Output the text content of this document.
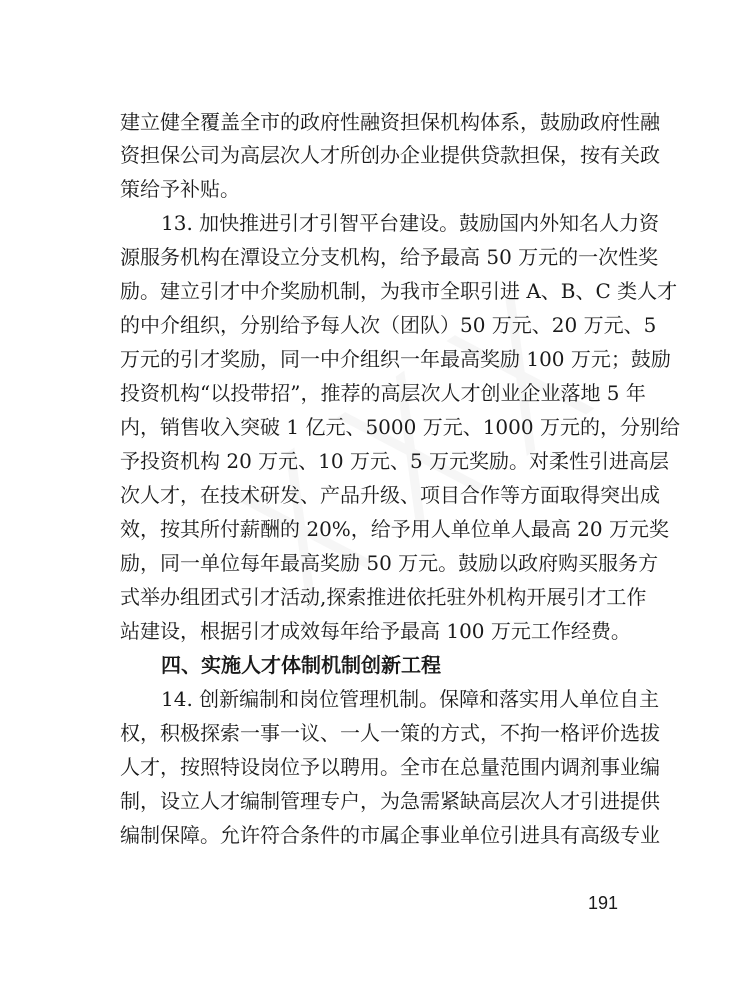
建立健全覆盖全市的政府性融资担保机构体系，鼓励政府性融
资担保公司为高层次人才所创办企业提供贷款担保，按有关政
策给予补贴。
13. 加快推进引才引智平台建设。鼓励国内外知名人力资
源服务机构在潭设立分支机构，给予最高 50 万元的一次性奖
励。建立引才中介奖励机制，为我市全职引进 A、B、C 类人才
的中介组织，分别给予每人次（团队）50 万元、20 万元、5
万元的引才奖励，同一中介组织一年最高奖励 100 万元；鼓励
投资机构“以投带招”，推荐的高层次人才创业企业落地 5 年
内，销售收入突破 1 亿元、5000 万元、1000 万元的，分别给
予投资机构 20 万元、10 万元、5 万元奖励。对柔性引进高层
次人才，在技术研发、产品升级、项目合作等方面取得突出成
效，按其所付薪酬的 20%，给予用人单位单人最高 20 万元奖
励，同一单位每年最高奖励 50 万元。鼓励以政府购买服务方
式举办组团式引才活动,探索推进依托驻外机构开展引才工作
站建设，根据引才成效每年给予最高 100 万元工作经费。
四、实施人才体制机制创新工程
14. 创新编制和岗位管理机制。保障和落实用人单位自主
权，积极探索一事一议、一人一策的方式，不拘一格评价选拔
人才，按照特设岗位予以聘用。全市在总量范围内调剂事业编
制，设立人才编制管理专户，为急需紧缺高层次人才引进提供
编制保障。允许符合条件的市属企事业单位引进具有高级专业
191
